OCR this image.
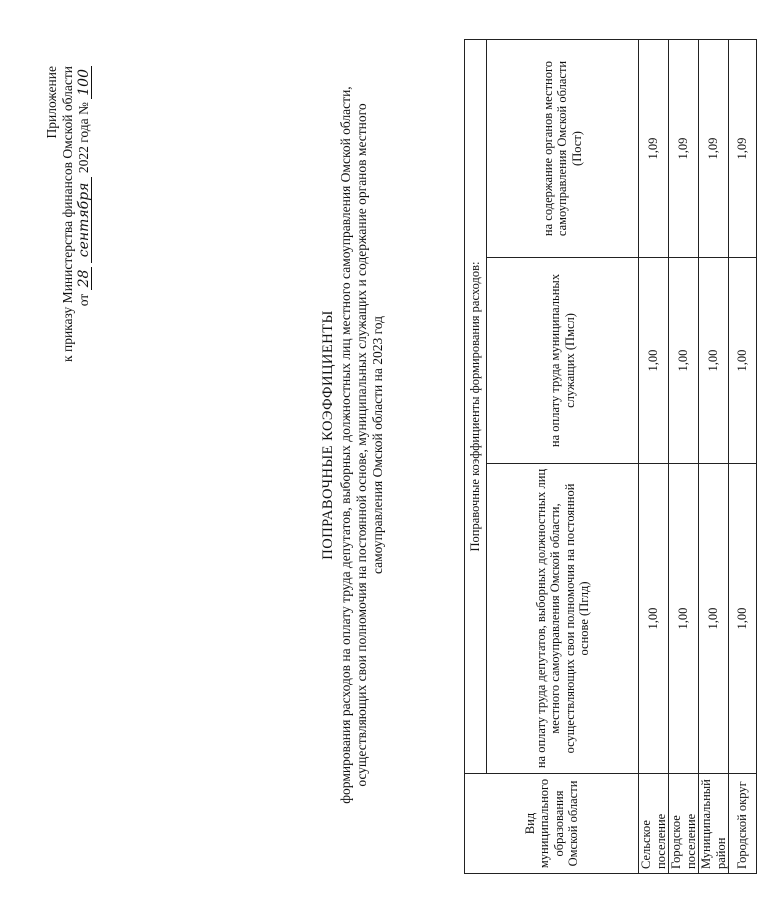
Приложение к приказу Министерства финансов Омской области от 28 сентября 2022 года № 100
ПОПРАВОЧНЫЕ КОЭФФИЦИЕНТЫ формирования расходов на оплату труда депутатов, выборных должностных лиц местного самоуправления Омской области, осуществляющих свои полномочия на постоянной основе, муниципальных служащих и содержание органов местного самоуправления Омской области на 2023 год
Вид муниципального образования Омской области	Поправочные коэффициенты формирования расходов:		
	на оплату труда депутатов, выборных должностных лиц местного самоуправления Омской области, осуществляющих свои полномочия на постоянной основе (Пглд)	на оплату труда муниципальных служащих (Пмсл)	на содержание органов местного самоуправления Омской области (Пост)
Сельское поселение	1,00	1,00	1,09
Городское поселение	1,00	1,00	1,09
Муниципальный район	1,00	1,00	1,09
Городской округ	1,00	1,00	1,09
